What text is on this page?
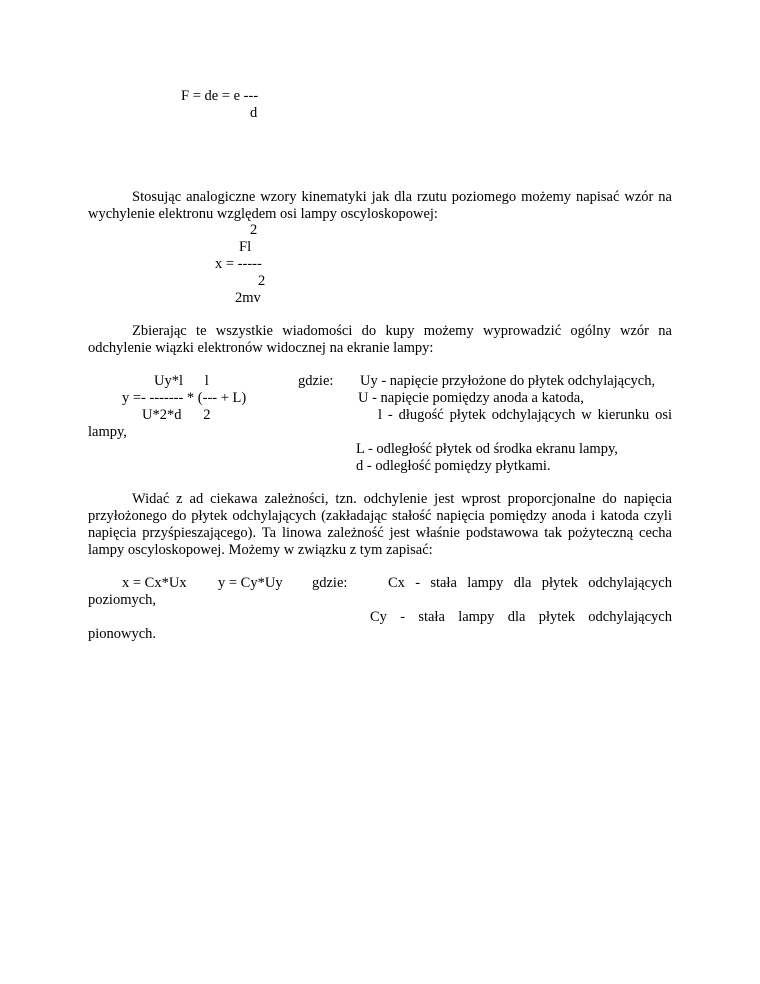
F = de = e ---
d
Stosując analogiczne wzory kinematyki jak dla rzutu poziomego możemy napisać wzór na
wychylenie elektronu względem osi lampy oscyloskopowej:
2
Fl
x = -----
2
2mv
Zbierając te wszystkie wiadomości do kupy możemy wyprowadzić ogólny wzór na
odchylenie wiązki elektronów widocznej na ekranie lampy:
Uy*l      l	gdzie: Uy - napięcie przyłożone do płytek odchylających,
y =- ------- * (--- + L)	U - napięcie pomiędzy anoda a katoda,
U*2*d      2	l - długość płytek odchylających w kierunku osi
lampy,
L - odległość płytek od środka ekranu lampy,
d - odległość pomiędzy płytkami.
Widać z ad ciekawa zależności, tzn. odchylenie jest wprost proporcjonalne do napięcia
przyłożonego do płytek odchylających (zakładając stałość napięcia pomiędzy anoda i katoda czyli
napięcia przyśpieszającego). Ta linowa zależność jest właśnie podstawowa tak pożyteczną cecha
lampy oscyloskopowej. Możemy w związku z tym zapisać:
x = Cx*Ux y = Cy*Uy gdzie:	Cx - stała lampy dla płytek odchylających
poziomych,
Cy - stała lampy dla płytek odchylających
pionowych.
